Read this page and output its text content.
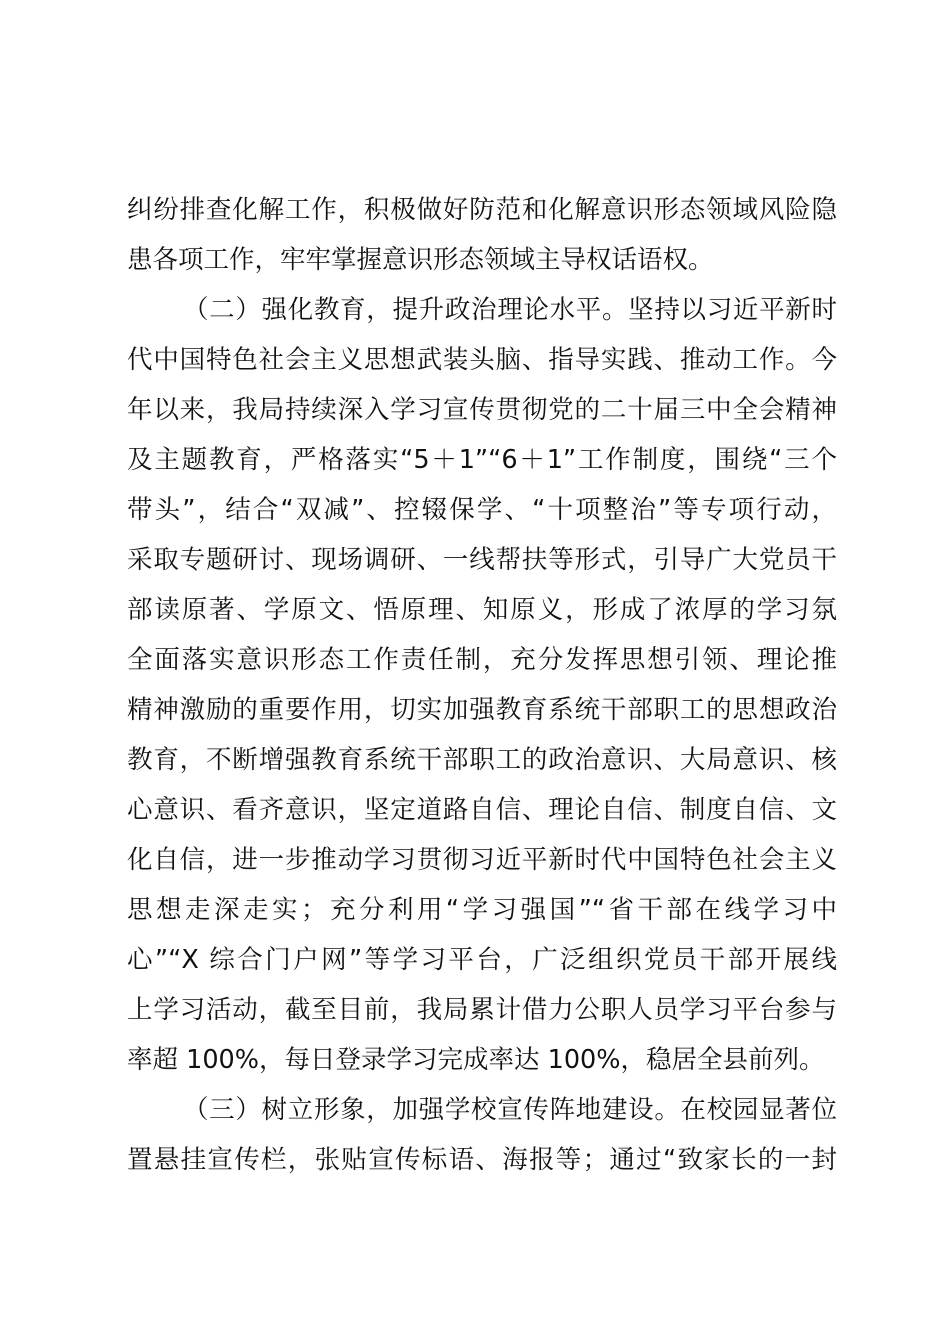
纠纷排查化解工作，积极做好防范和化解意识形态领域风险隐
患各项工作，牢牢掌握意识形态领域主导权话语权。
（二）强化教育，提升政治理论水平。坚持以习近平新时
代中国特色社会主义思想武装头脑、指导实践、推动工作。今
年以来，我局持续深入学习宣传贯彻党的二十届三中全会精神
及主题教育，严格落实“5＋1”“6＋1”工作制度，围绕“三个
带头”，结合“双减”、控辍保学、“十项整治”等专项行动，
采取专题研讨、现场调研、一线帮扶等形式，引导广大党员干
部读原著、学原文、悟原理、知原义，形成了浓厚的学习氛
全面落实意识形态工作责任制，充分发挥思想引领、理论推
精神激励的重要作用，切实加强教育系统干部职工的思想政治
教育，不断增强教育系统干部职工的政治意识、大局意识、核
心意识、看齐意识，坚定道路自信、理论自信、制度自信、文
化自信，进一步推动学习贯彻习近平新时代中国特色社会主义
思想走深走实；充分利用“学习强国”“省干部在线学习中
心”“X 综合门户网”等学习平台，广泛组织党员干部开展线
上学习活动，截至目前，我局累计借力公职人员学习平台参与
率超 100%，每日登录学习完成率达 100%，稳居全县前列。
（三）树立形象，加强学校宣传阵地建设。在校园显著位
置悬挂宣传栏，张贴宣传标语、海报等；通过“致家长的一封
